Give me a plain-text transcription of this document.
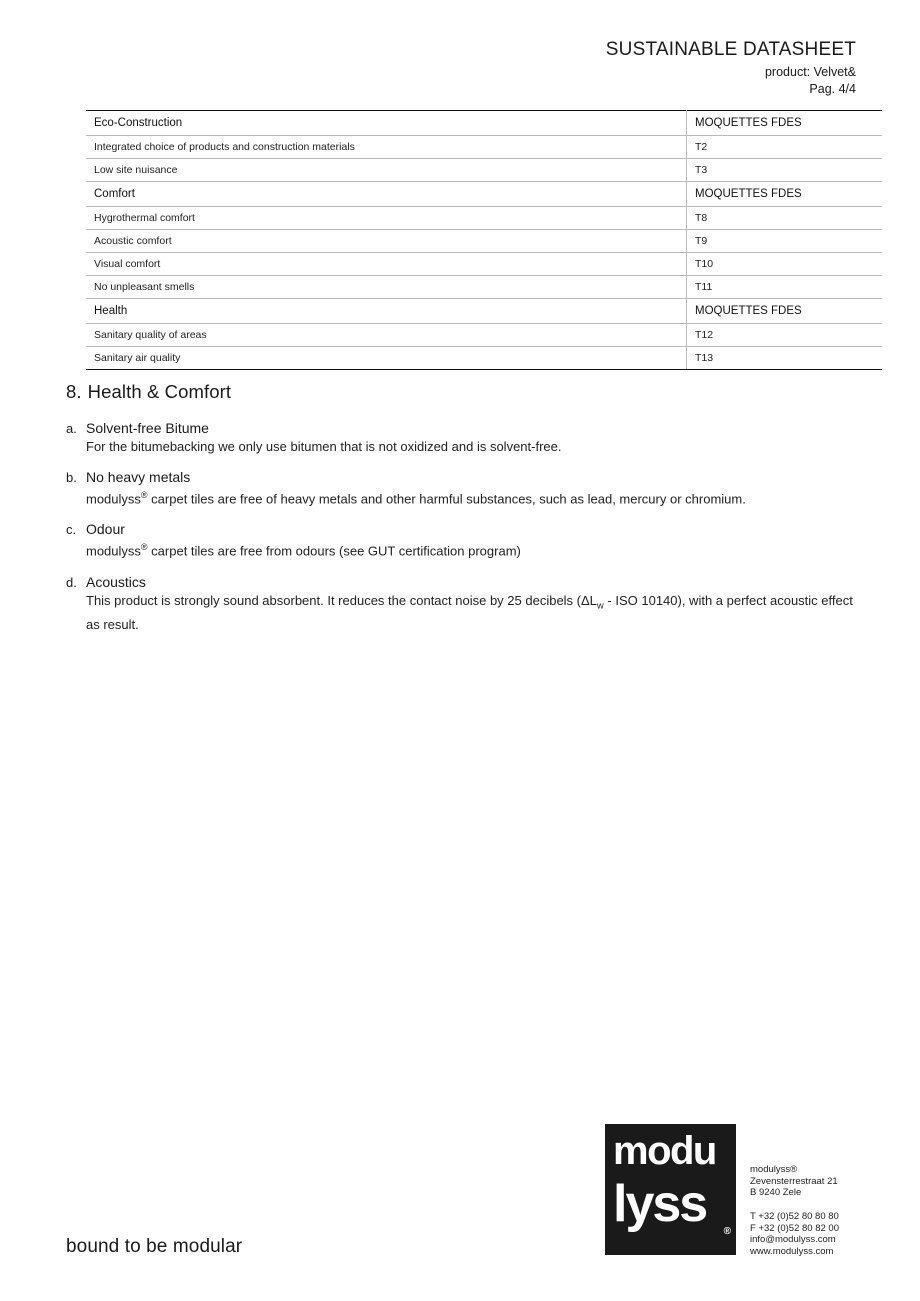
SUSTAINABLE DATASHEET
product: Velvet&
Pag. 4/4
Eco-Construction	MOQUETTES FDES
Integrated choice of products and construction materials	T2
Low site nuisance	T3
Comfort	MOQUETTES FDES
Hygrothermal comfort	T8
Acoustic comfort	T9
Visual comfort	T10
No unpleasant smells	T11
Health	MOQUETTES FDES
Sanitary quality of areas	T12
Sanitary air quality	T13
8. Health & Comfort
a. Solvent-free Bitume
For the bitumebacking we only use bitumen that is not oxidized and is solvent-free.
b. No heavy metals
modulyss® carpet tiles are free of heavy metals and other harmful substances, such as lead, mercury or chromium.
c. Odour
modulyss® carpet tiles are free from odours (see GUT certification program)
d. Acoustics
This product is strongly sound absorbent. It reduces the contact noise by 25 decibels ($\Delta L_w$ - ISO 10140), with a perfect acoustic effect as result.
modu
lyss ®
modulyss®
Zevensterrestraat 21
B 9240 Zele
T +32 (0)52 80 80 80
F +32 (0)52 80 82 00
info@modulyss.com
www.modulyss.com
bound to be modular
